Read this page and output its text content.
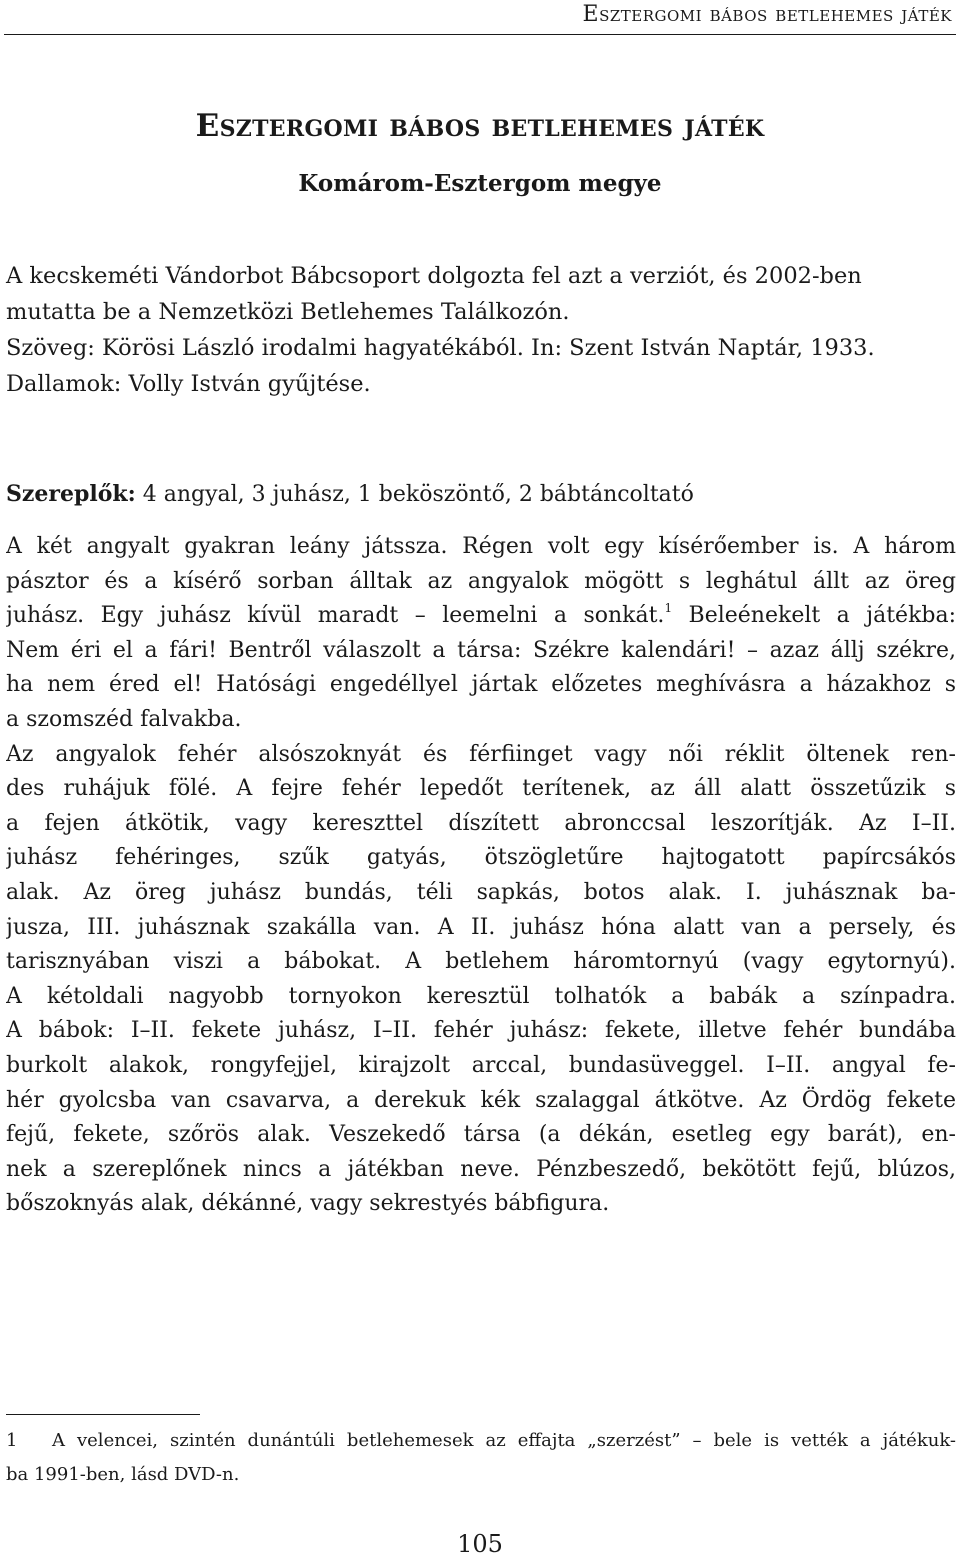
Esztergomi bábos betlehemes játék
Esztergomi bábos betlehemes játék
Komárom-Esztergom megye
A kecskeméti Vándorbot Bábcsoport dolgozta fel azt a verziót, és 2002-ben
mutatta be a Nemzetközi Betlehemes Találkozón.
Szöveg: Körösi László irodalmi hagyatékából. In: Szent István Naptár, 1933.
Dallamok: Volly István gyűjtése.
Szereplők: 4 angyal, 3 juhász, 1 beköszöntő, 2 bábtáncoltató
A két angyalt gyakran leány játssza. Régen volt egy kísérőember is. A három
pásztor és a kísérő sorban álltak az angyalok mögött s leghátul állt az öreg
juhász. Egy juhász kívül maradt – leemelni a sonkát.$^1$ Beleénekelt a játékba:
Nem éri el a fári! Bentről válaszolt a társa: Székre kalendári! – azaz állj székre,
ha nem éred el! Hatósági engedéllyel jártak előzetes meghívásra a házakhoz s
a szomszéd falvakba.
Az angyalok fehér alsószoknyát és férfiinget vagy női réklit öltenek ren-
des ruhájuk fölé. A fejre fehér lepedőt terítenek, az áll alatt összetűzik s
a fejen átkötik, vagy kereszttel díszített abronccsal leszorítják. Az I–II.
juhász fehéringes, szűk gatyás, ötszögletűre hajtogatott papírcsákós
alak. Az öreg juhász bundás, téli sapkás, botos alak. I. juhásznak ba-
jusza, III. juhásznak szakálla van. A II. juhász hóna alatt van a persely, és
tarisznyában viszi a bábokat. A betlehem háromtornyú (vagy egytornyú).
A kétoldali nagyobb tornyokon keresztül tolhatók a babák a színpadra.
A bábok: I–II. fekete juhász, I–II. fehér juhász: fekete, illetve fehér bundába
burkolt alakok, rongyfejjel, kirajzolt arccal, bundasüveggel. I–II. angyal fe-
hér gyolcsba van csavarva, a derekuk kék szalaggal átkötve. Az Ördög fekete
fejű, fekete, szőrös alak. Veszekedő társa (a dékán, esetleg egy barát), en-
nek a szereplőnek nincs a játékban neve. Pénzbeszedő, bekötött fejű, blúzos,
bőszoknyás alak, dékánné, vagy sekrestyés bábfigura.
1 A velencei, szintén dunántúli betlehemesek az effajta „szerzést” – bele is vették a játékuk-
ba 1991-ben, lásd DVD-n.
105
